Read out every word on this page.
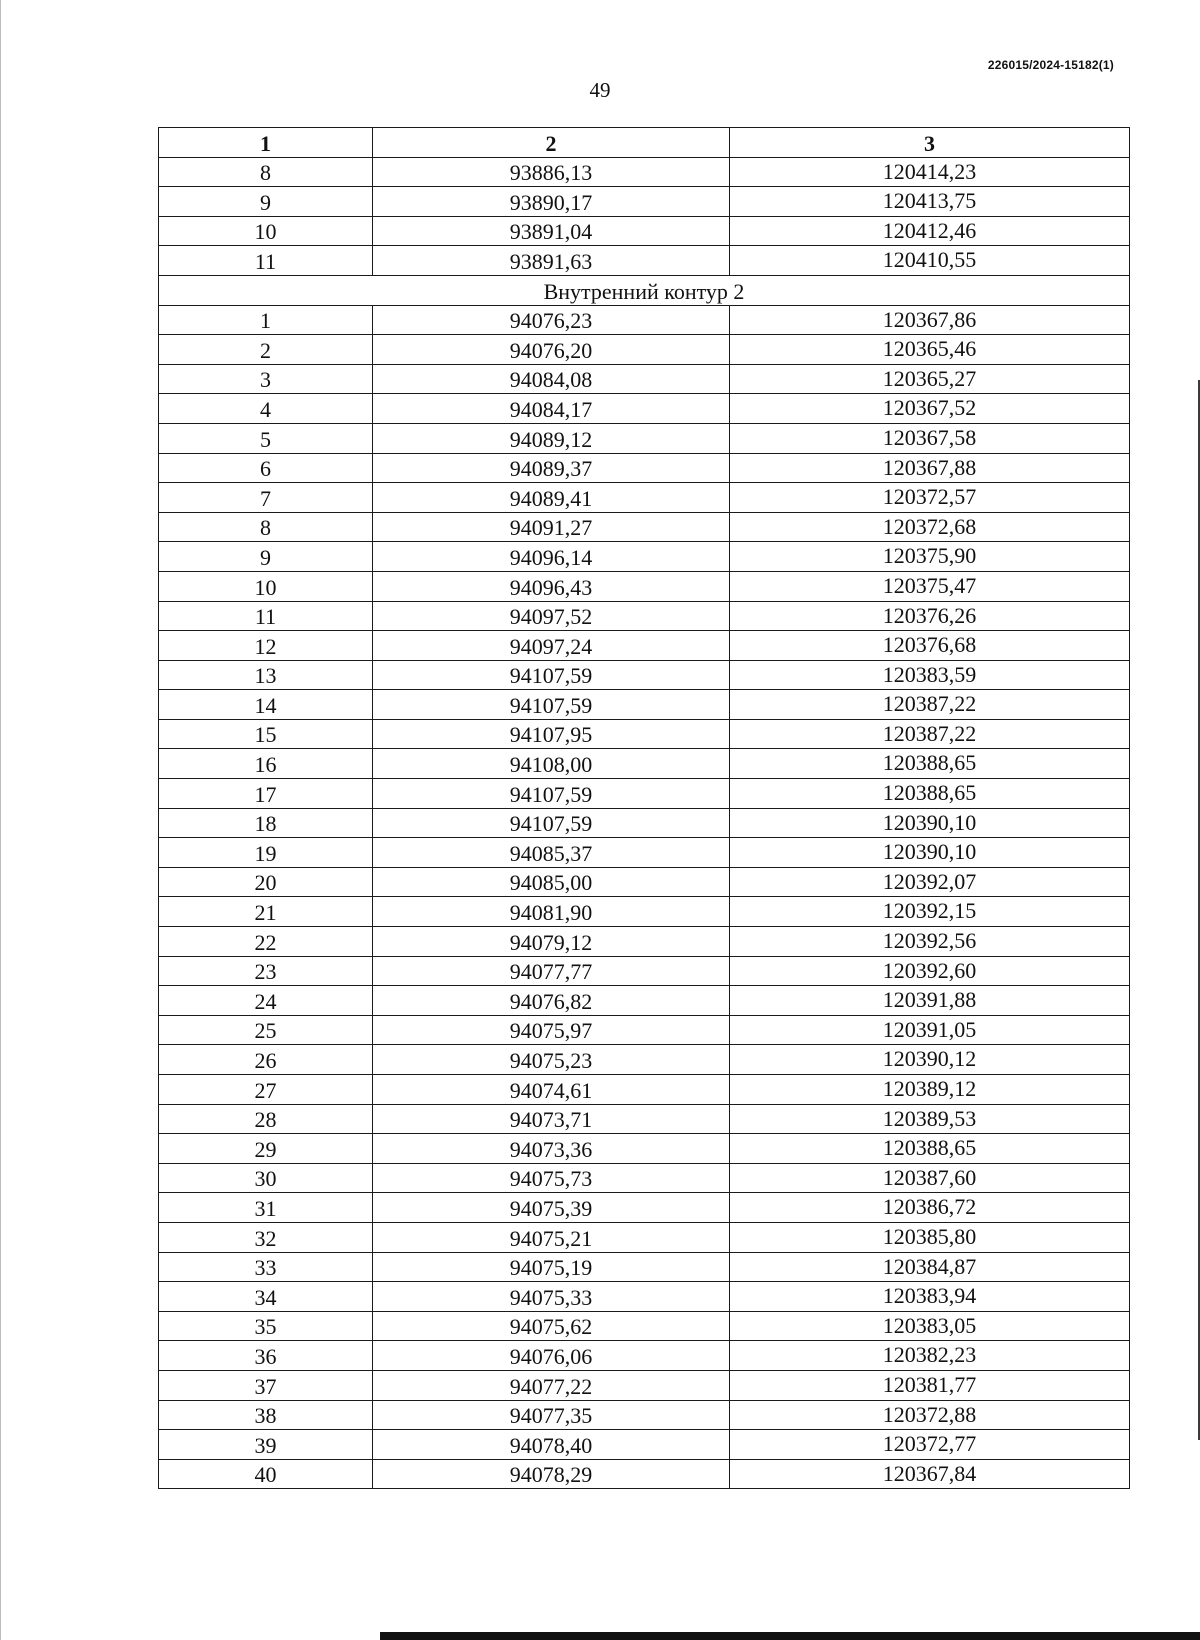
226015/2024-15182(1)
49
1	2	3
8	93886,13	120414,23
9	93890,17	120413,75
10	93891,04	120412,46
11	93891,63	120410,55
Внутренний контур 2		
1	94076,23	120367,86
2	94076,20	120365,46
3	94084,08	120365,27
4	94084,17	120367,52
5	94089,12	120367,58
6	94089,37	120367,88
7	94089,41	120372,57
8	94091,27	120372,68
9	94096,14	120375,90
10	94096,43	120375,47
11	94097,52	120376,26
12	94097,24	120376,68
13	94107,59	120383,59
14	94107,59	120387,22
15	94107,95	120387,22
16	94108,00	120388,65
17	94107,59	120388,65
18	94107,59	120390,10
19	94085,37	120390,10
20	94085,00	120392,07
21	94081,90	120392,15
22	94079,12	120392,56
23	94077,77	120392,60
24	94076,82	120391,88
25	94075,97	120391,05
26	94075,23	120390,12
27	94074,61	120389,12
28	94073,71	120389,53
29	94073,36	120388,65
30	94075,73	120387,60
31	94075,39	120386,72
32	94075,21	120385,80
33	94075,19	120384,87
34	94075,33	120383,94
35	94075,62	120383,05
36	94076,06	120382,23
37	94077,22	120381,77
38	94077,35	120372,88
39	94078,40	120372,77
40	94078,29	120367,84
